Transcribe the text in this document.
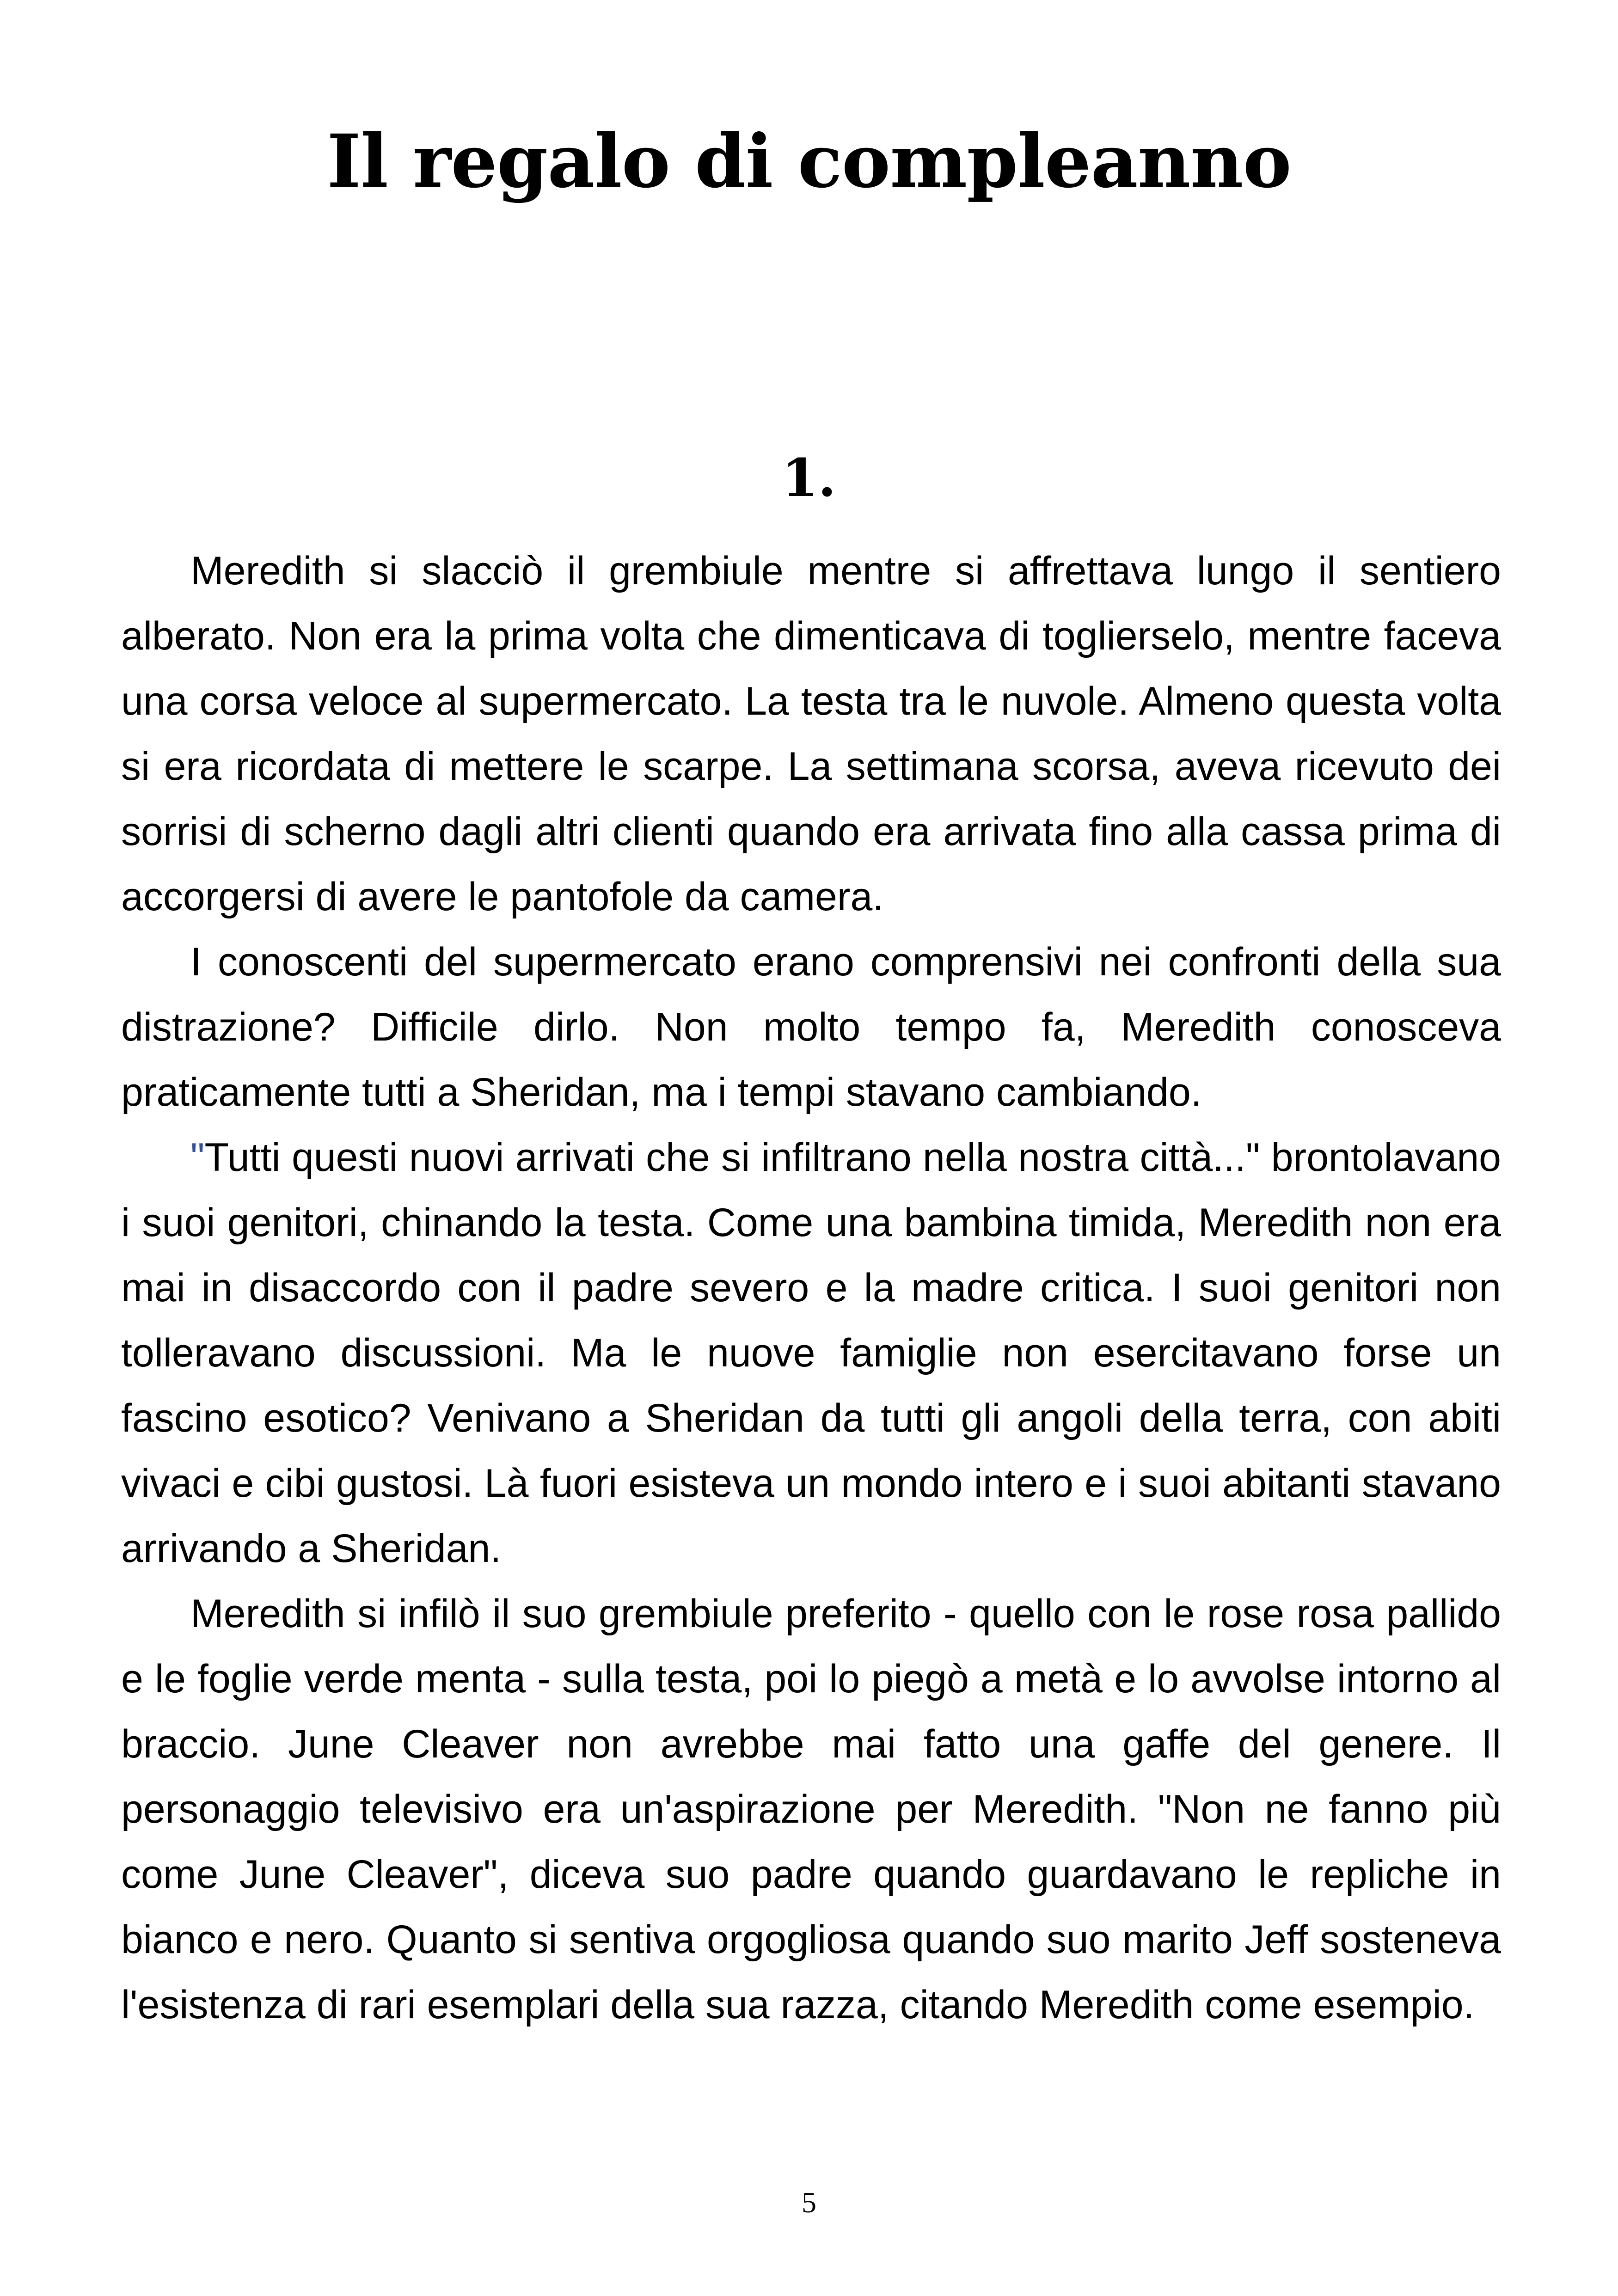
Il regalo di compleanno
1.

Meredith si slacciò il grembiule mentre si affrettava lungo il sentiero alberato. Non era la prima volta che dimenticava di toglierselo, mentre faceva una corsa veloce al supermercato. La testa tra le nuvole. Almeno questa volta si era ricordata di mettere le scarpe. La settimana scorsa, aveva ricevuto dei sorrisi di scherno dagli altri clienti quando era arrivata fino alla cassa prima di accorgersi di avere le pantofole da camera.

I conoscenti del supermercato erano comprensivi nei confronti della sua distrazione? Difficile dirlo. Non molto tempo fa, Meredith conosceva praticamente tutti a Sheridan, ma i tempi stavano cambiando.

"Tutti questi nuovi arrivati che si infiltrano nella nostra città..." brontolavano i suoi genitori, chinando la testa. Come una bambina timida, Meredith non era mai in disaccordo con il padre severo e la madre critica. I suoi genitori non tolleravano discussioni. Ma le nuove famiglie non esercitavano forse un fascino esotico? Venivano a Sheridan da tutti gli angoli della terra, con abiti vivaci e cibi gustosi. Là fuori esisteva un mondo intero e i suoi abitanti stavano arrivando a Sheridan.

Meredith si infilò il suo grembiule preferito - quello con le rose rosa pallido e le foglie verde menta - sulla testa, poi lo piegò a metà e lo avvolse intorno al braccio. June Cleaver non avrebbe mai fatto una gaffe del genere. Il personaggio televisivo era un'aspirazione per Meredith. "Non ne fanno più come June Cleaver", diceva suo padre quando guardavano le repliche in bianco e nero. Quanto si sentiva orgogliosa quando suo marito Jeff sosteneva l'esistenza di rari esemplari della sua razza, citando Meredith come esempio.

5
